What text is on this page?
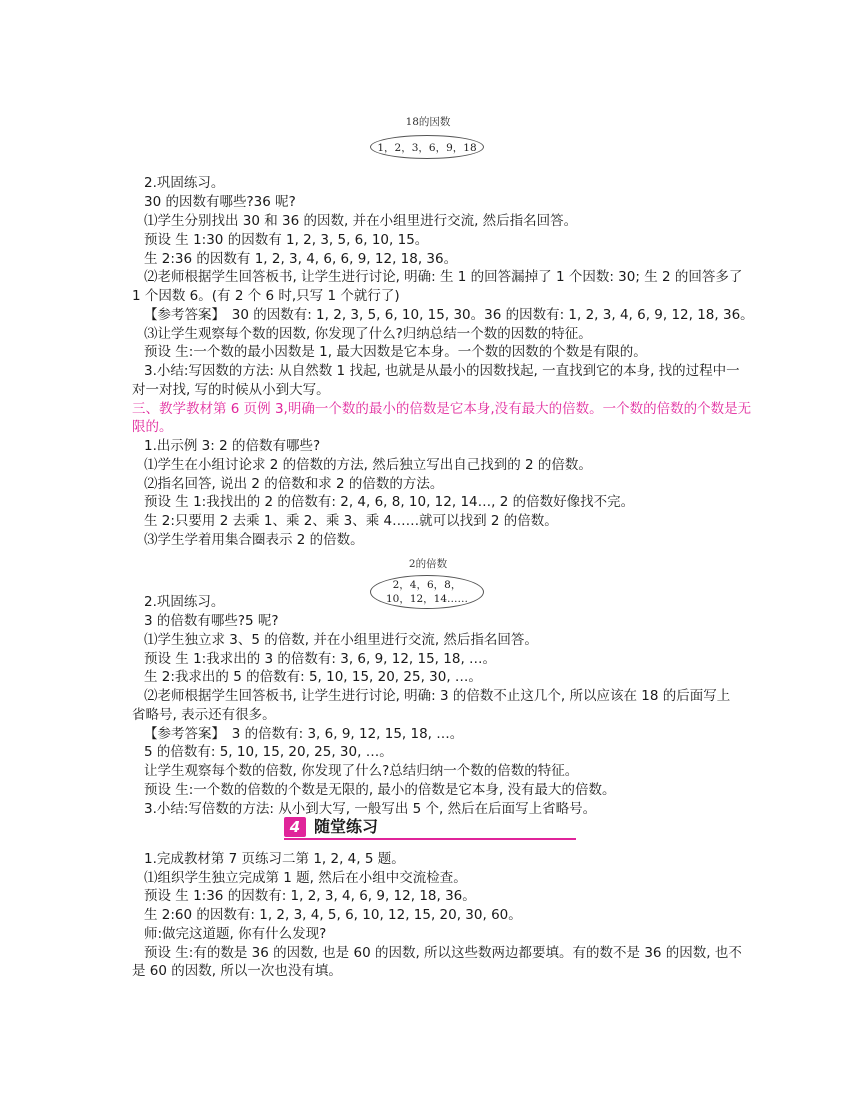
18的因数
1，2，3，6，9，18
2.巩固练习。
30 的因数有哪些?36 呢?
⑴学生分别找出 30 和 36 的因数, 并在小组里进行交流, 然后指名回答。
预设 生 1:30 的因数有 1, 2, 3, 5, 6, 10, 15。
生 2:36 的因数有 1, 2, 3, 4, 6, 6, 9, 12, 18, 36。
⑵老师根据学生回答板书, 让学生进行讨论, 明确: 生 1 的回答漏掉了 1 个因数: 30; 生 2 的回答多了
1 个因数 6。(有 2 个 6 时,只写 1 个就行了)
【参考答案】　30 的因数有: 1, 2, 3, 5, 6, 10, 15, 30。36 的因数有: 1, 2, 3, 4, 6, 9, 12, 18, 36。
⑶让学生观察每个数的因数, 你发现了什么?归纳总结一个数的因数的特征。
预设 生:一个数的最小因数是 1, 最大因数是它本身。一个数的因数的个数是有限的。
3.小结:写因数的方法: 从自然数 1 找起, 也就是从最小的因数找起, 一直找到它的本身, 找的过程中一
对一对找, 写的时候从小到大写。
三、教学教材第 6 页例 3,明确一个数的最小的倍数是它本身,没有最大的倍数。一个数的倍数的个数是无
限的。
1.出示例 3: 2 的倍数有哪些?
⑴学生在小组讨论求 2 的倍数的方法, 然后独立写出自己找到的 2 的倍数。
⑵指名回答, 说出 2 的倍数和求 2 的倍数的方法。
预设 生 1:我找出的 2 的倍数有: 2, 4, 6, 8, 10, 12, 14…, 2 的倍数好像找不完。
生 2:只要用 2 去乘 1、乘 2、乘 3、乘 4……就可以找到 2 的倍数。
⑶学生学着用集合圈表示 2 的倍数。
2的倍数
2，4，6，8，
10，12，14……
2.巩固练习。
3 的倍数有哪些?5 呢?
⑴学生独立求 3、5 的倍数, 并在小组里进行交流, 然后指名回答。
预设 生 1:我求出的 3 的倍数有: 3, 6, 9, 12, 15, 18, …。
生 2:我求出的 5 的倍数有: 5, 10, 15, 20, 25, 30, …。
⑵老师根据学生回答板书, 让学生进行讨论, 明确: 3 的倍数不止这几个, 所以应该在 18 的后面写上
省略号, 表示还有很多。
【参考答案】　3 的倍数有: 3, 6, 9, 12, 15, 18, …。
5 的倍数有: 5, 10, 15, 20, 25, 30, …。
让学生观察每个数的倍数, 你发现了什么?总结归纳一个数的倍数的特征。
预设 生:一个数的倍数的个数是无限的, 最小的倍数是它本身, 没有最大的倍数。
3.小结:写倍数的方法: 从小到大写, 一般写出 5 个, 然后在后面写上省略号。
4 随堂练习
1.完成教材第 7 页练习二第 1, 2, 4, 5 题。
⑴组织学生独立完成第 1 题, 然后在小组中交流检查。
预设 生 1:36 的因数有: 1, 2, 3, 4, 6, 9, 12, 18, 36。
生 2:60 的因数有: 1, 2, 3, 4, 5, 6, 10, 12, 15, 20, 30, 60。
师:做完这道题, 你有什么发现?
预设 生:有的数是 36 的因数, 也是 60 的因数, 所以这些数两边都要填。有的数不是 36 的因数, 也不
是 60 的因数, 所以一次也没有填。
